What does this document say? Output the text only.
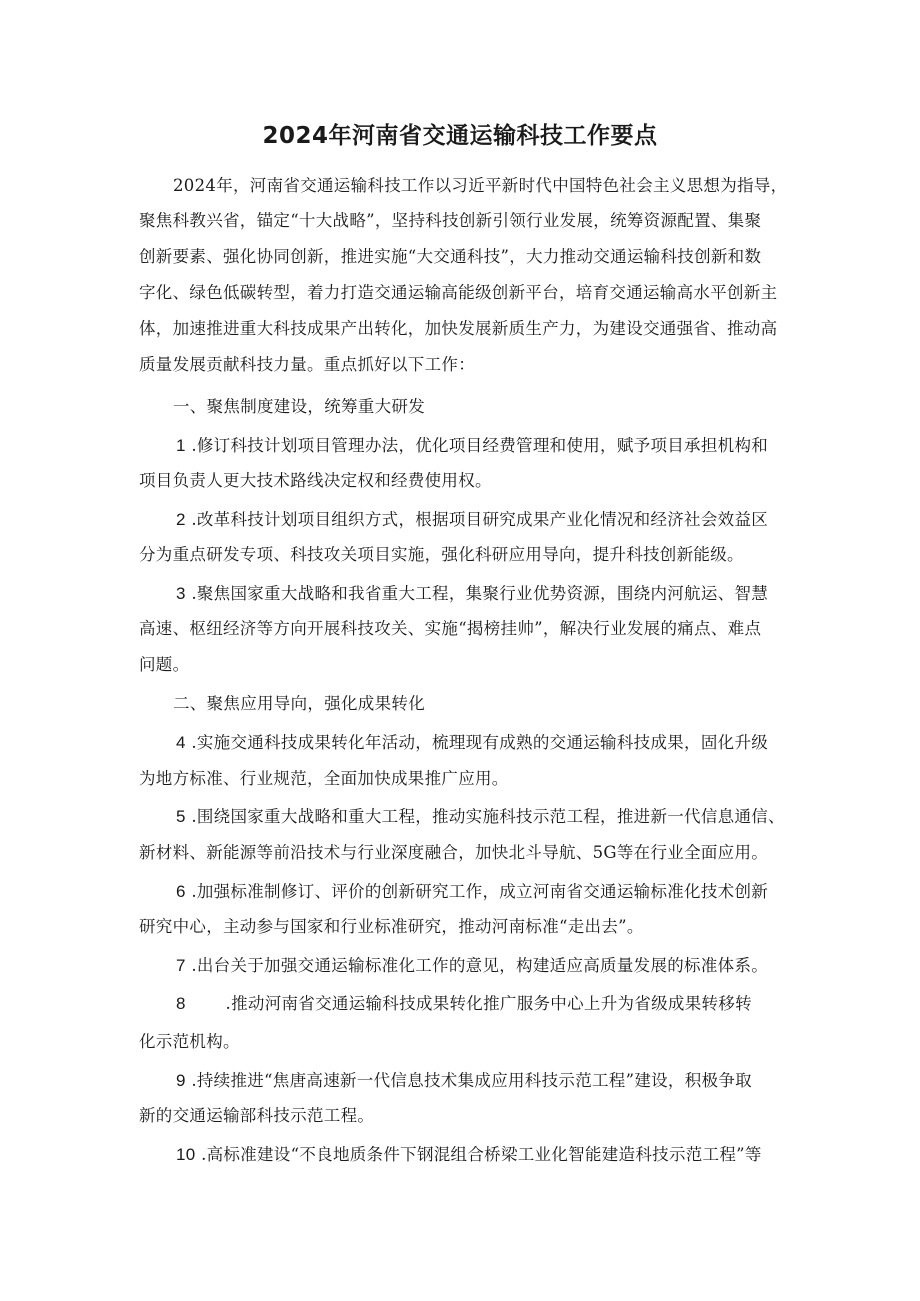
2024年河南省交通运输科技工作要点
2024年，河南省交通运输科技工作以习近平新时代中国特色社会主义思想为指导，
聚焦科教兴省，锚定“十大战略”，坚持科技创新引领行业发展，统筹资源配置、集聚
创新要素、强化协同创新，推进实施“大交通科技”，大力推动交通运输科技创新和数
字化、绿色低碳转型，着力打造交通运输高能级创新平台，培育交通运输高水平创新主
体，加速推进重大科技成果产出转化，加快发展新质生产力，为建设交通强省、推动高
质量发展贡献科技力量。重点抓好以下工作：
一、聚焦制度建设，统筹重大研发
1 .修订科技计划项目管理办法，优化项目经费管理和使用，赋予项目承担机构和
项目负责人更大技术路线决定权和经费使用权。
2 .改革科技计划项目组织方式，根据项目研究成果产业化情况和经济社会效益区
分为重点研发专项、科技攻关项目实施，强化科研应用导向，提升科技创新能级。
3 .聚焦国家重大战略和我省重大工程，集聚行业优势资源，围绕内河航运、智慧
高速、枢纽经济等方向开展科技攻关、实施“揭榜挂帅”，解决行业发展的痛点、难点
问题。
二、聚焦应用导向，强化成果转化
4 .实施交通科技成果转化年活动，梳理现有成熟的交通运输科技成果，固化升级
为地方标准、行业规范，全面加快成果推广应用。
5 .围绕国家重大战略和重大工程，推动实施科技示范工程，推进新一代信息通信、
新材料、新能源等前沿技术与行业深度融合，加快北斗导航、5G等在行业全面应用。
6 .加强标准制修订、评价的创新研究工作，成立河南省交通运输标准化技术创新
研究中心，主动参与国家和行业标准研究，推动河南标准“走出去”。
7 .出台关于加强交通运输标准化工作的意见，构建适应高质量发展的标准体系。
8 .推动河南省交通运输科技成果转化推广服务中心上升为省级成果转移转
化示范机构。
9 .持续推进“焦唐高速新一代信息技术集成应用科技示范工程”建设，积极争取
新的交通运输部科技示范工程。
10 .高标准建设“不良地质条件下钢混组合桥梁工业化智能建造科技示范工程”等
